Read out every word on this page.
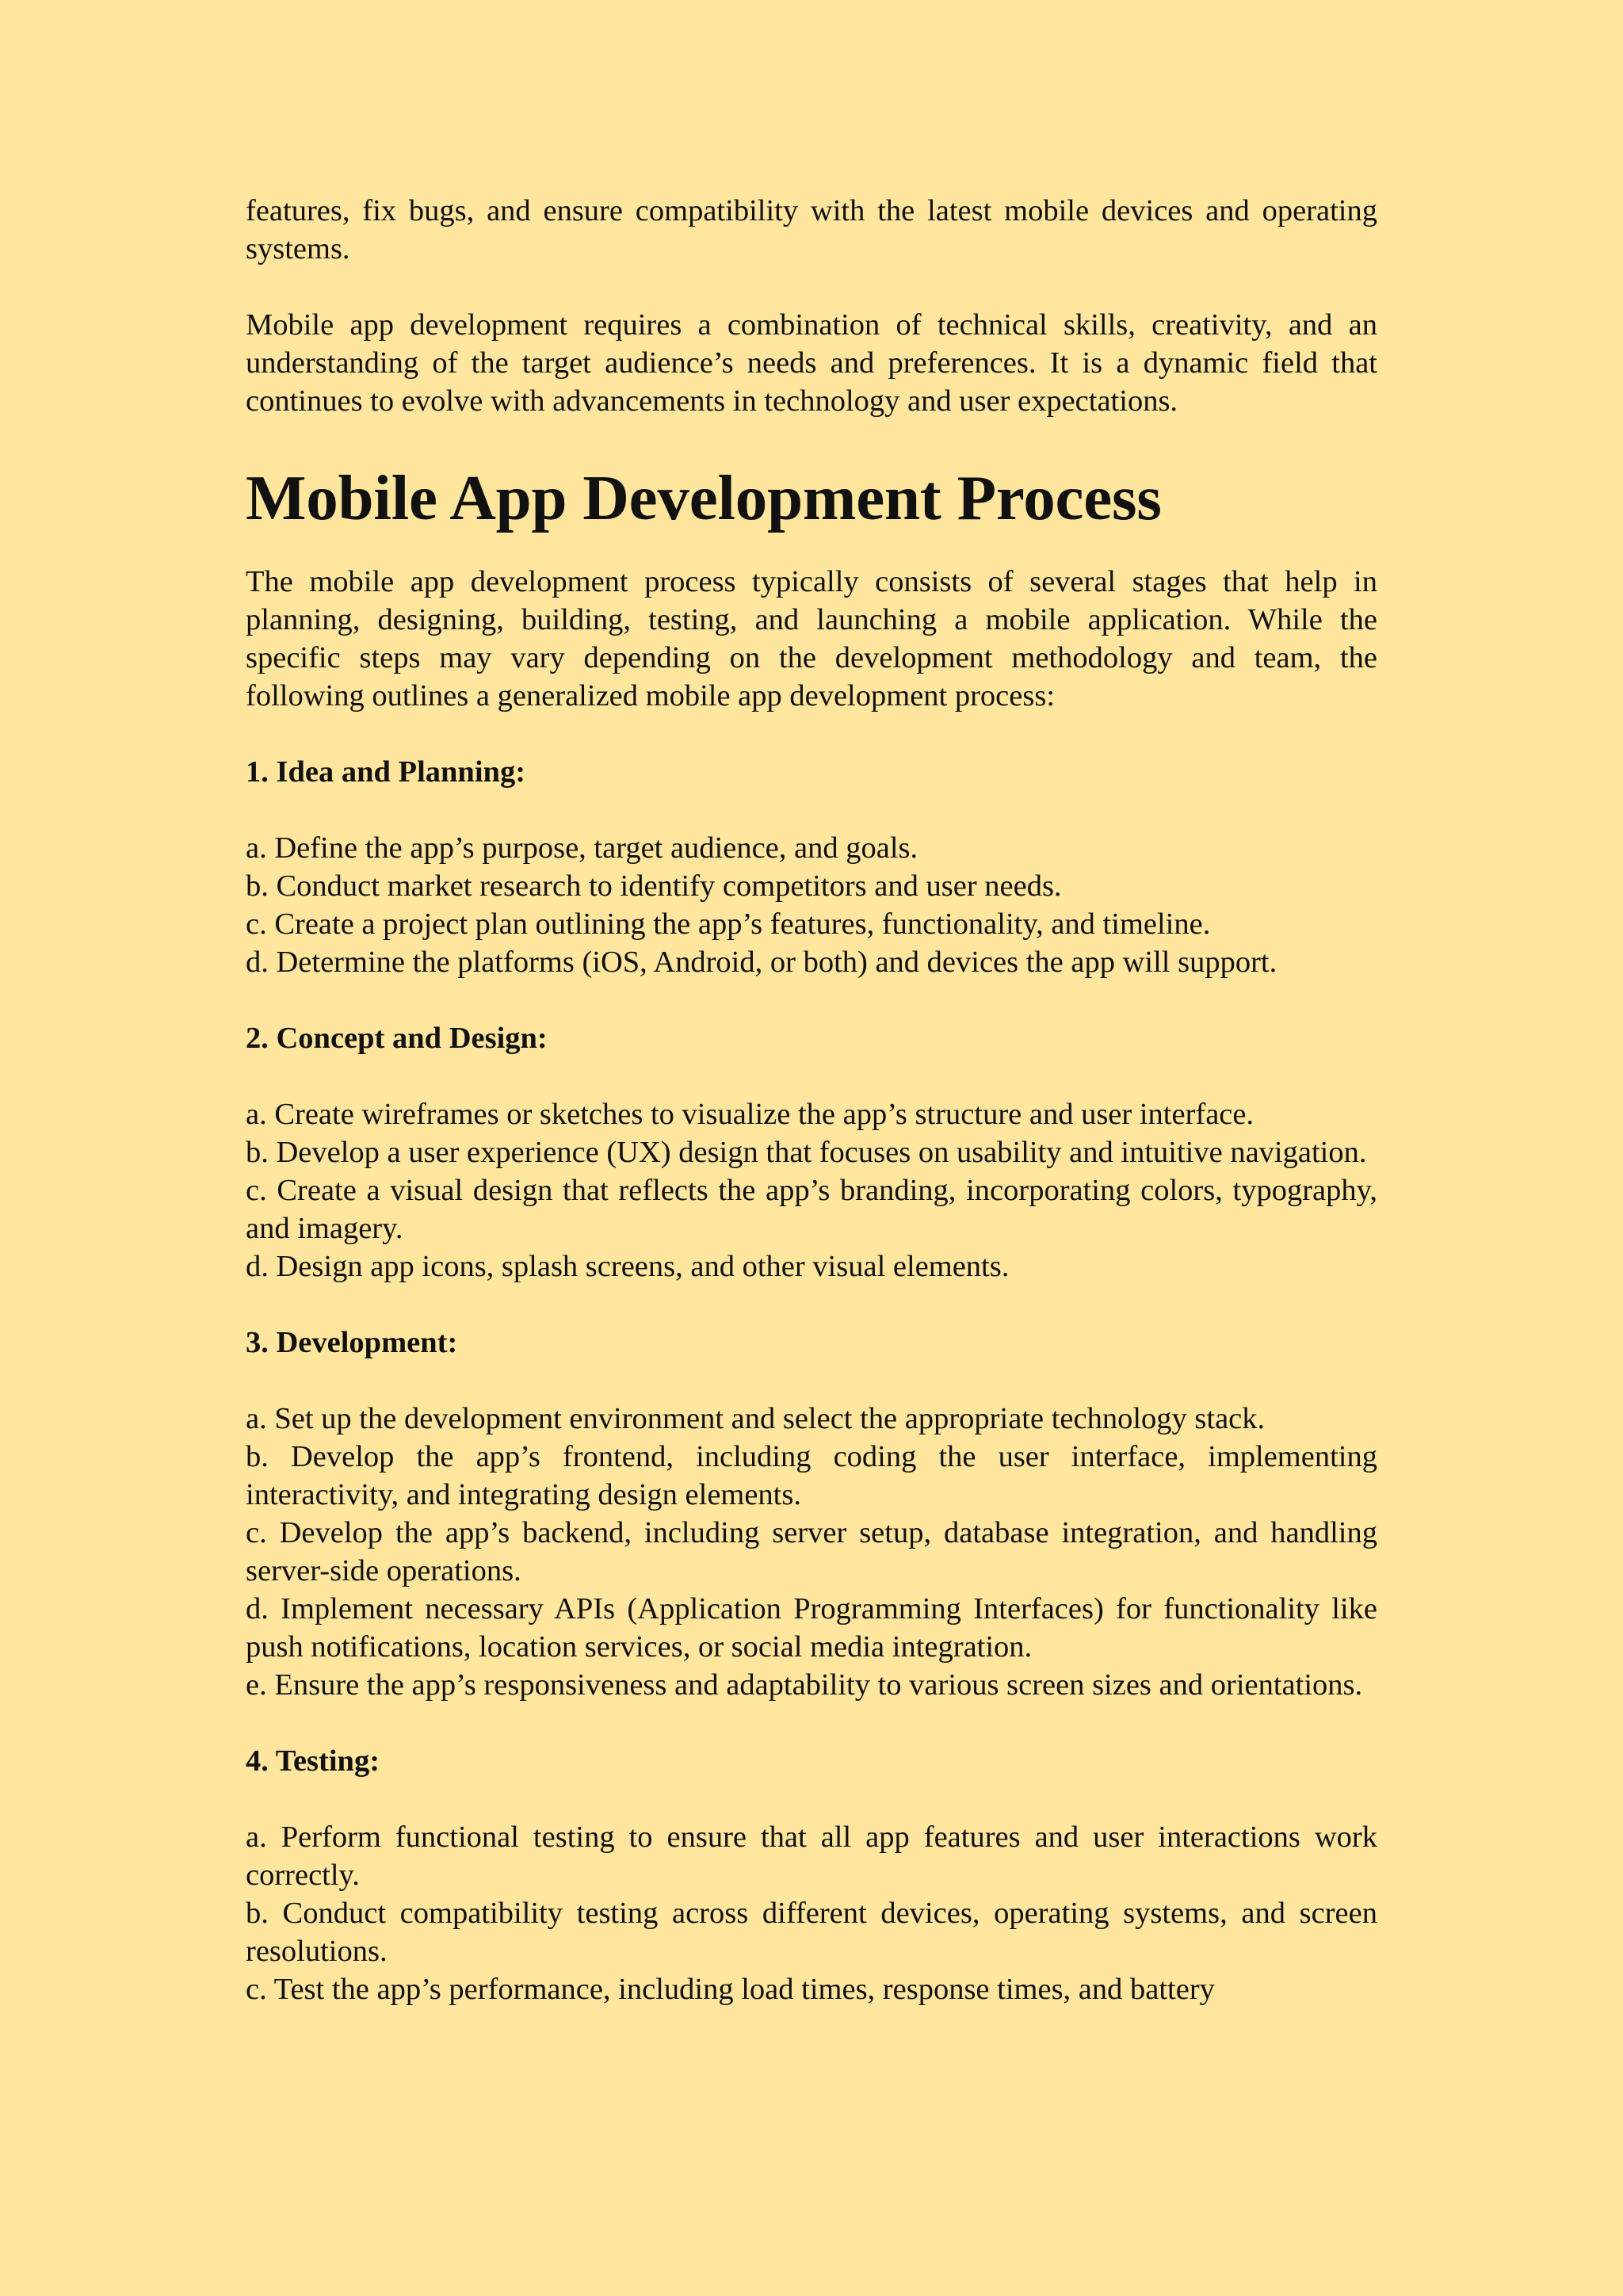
features, fix bugs, and ensure compatibility with the latest mobile devices and operating systems.

Mobile app development requires a combination of technical skills, creativity, and an understanding of the target audience’s needs and preferences. It is a dynamic field that continues to evolve with advancements in technology and user expectations.

Mobile App Development Process

The mobile app development process typically consists of several stages that help in planning, designing, building, testing, and launching a mobile application. While the specific steps may vary depending on the development methodology and team, the following outlines a generalized mobile app development process:

1. Idea and Planning:

a. Define the app’s purpose, target audience, and goals.

b. Conduct market research to identify competitors and user needs.

c. Create a project plan outlining the app’s features, functionality, and timeline.

d. Determine the platforms (iOS, Android, or both) and devices the app will support.

2. Concept and Design:

a. Create wireframes or sketches to visualize the app’s structure and user interface.

b. Develop a user experience (UX) design that focuses on usability and intuitive navigation.

c. Create a visual design that reflects the app’s branding, incorporating colors, typography, and imagery.

d. Design app icons, splash screens, and other visual elements.

3. Development:

a. Set up the development environment and select the appropriate technology stack.

b. Develop the app’s frontend, including coding the user interface, implementing interactivity, and integrating design elements.

c. Develop the app’s backend, including server setup, database integration, and handling server-side operations.

d. Implement necessary APIs (Application Programming Interfaces) for functionality like push notifications, location services, or social media integration.

e. Ensure the app’s responsiveness and adaptability to various screen sizes and orientations.

4. Testing:

a. Perform functional testing to ensure that all app features and user interactions work correctly.

b. Conduct compatibility testing across different devices, operating systems, and screen resolutions.

c. Test the app’s performance, including load times, response times, and battery
